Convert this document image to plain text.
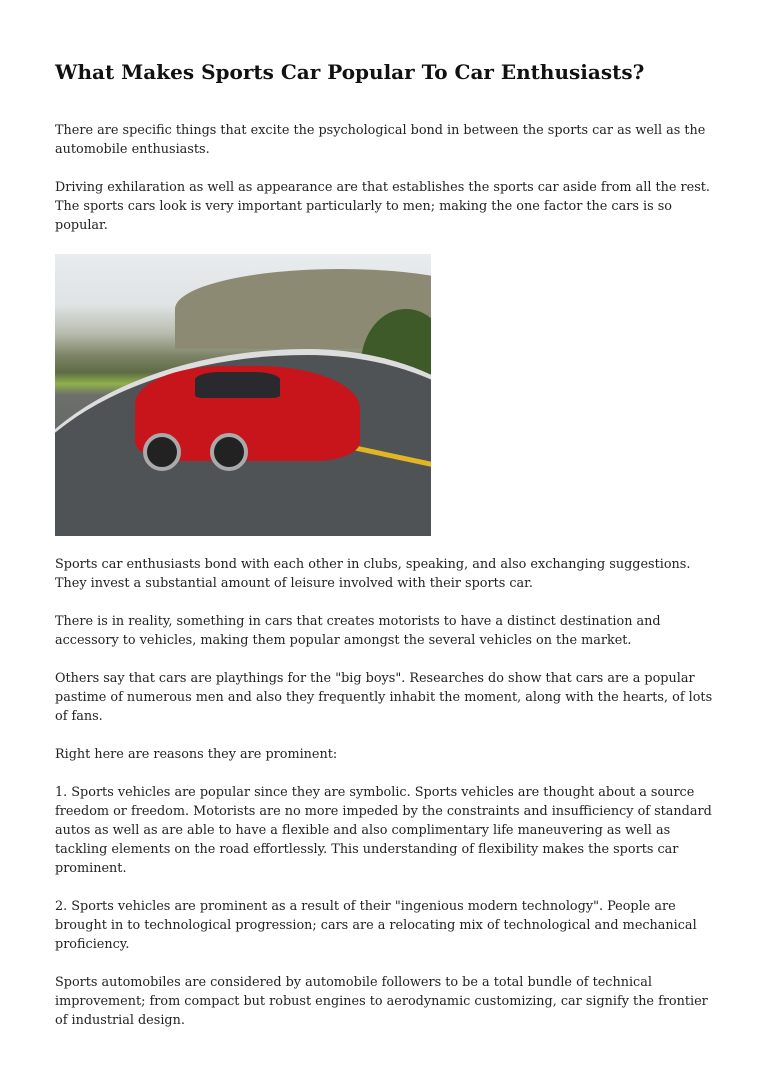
What Makes Sports Car Popular To Car Enthusiasts?

There are specific things that excite the psychological bond in between the sports car as well as the automobile enthusiasts.

Driving exhilaration as well as appearance are that establishes the sports car aside from all the rest. The sports cars look is very important particularly to men; making the one factor the cars is so popular.

Sports car enthusiasts bond with each other in clubs, speaking, and also exchanging suggestions. They invest a substantial amount of leisure involved with their sports car.

There is in reality, something in cars that creates motorists to have a distinct destination and accessory to vehicles, making them popular amongst the several vehicles on the market.

Others say that cars are playthings for the "big boys". Researches do show that cars are a popular pastime of numerous men and also they frequently inhabit the moment, along with the hearts, of lots of fans.

Right here are reasons they are prominent:

1. Sports vehicles are popular since they are symbolic. Sports vehicles are thought about a source freedom or freedom. Motorists are no more impeded by the constraints and insufficiency of standard autos as well as are able to have a flexible and also complimentary life maneuvering as well as tackling elements on the road effortlessly. This understanding of flexibility makes the sports car prominent.

2. Sports vehicles are prominent as a result of their "ingenious modern technology". People are brought in to technological progression; cars are a relocating mix of technological and mechanical proficiency.

Sports automobiles are considered by automobile followers to be a total bundle of technical improvement; from compact but robust engines to aerodynamic customizing, car signify the frontier of industrial design.
